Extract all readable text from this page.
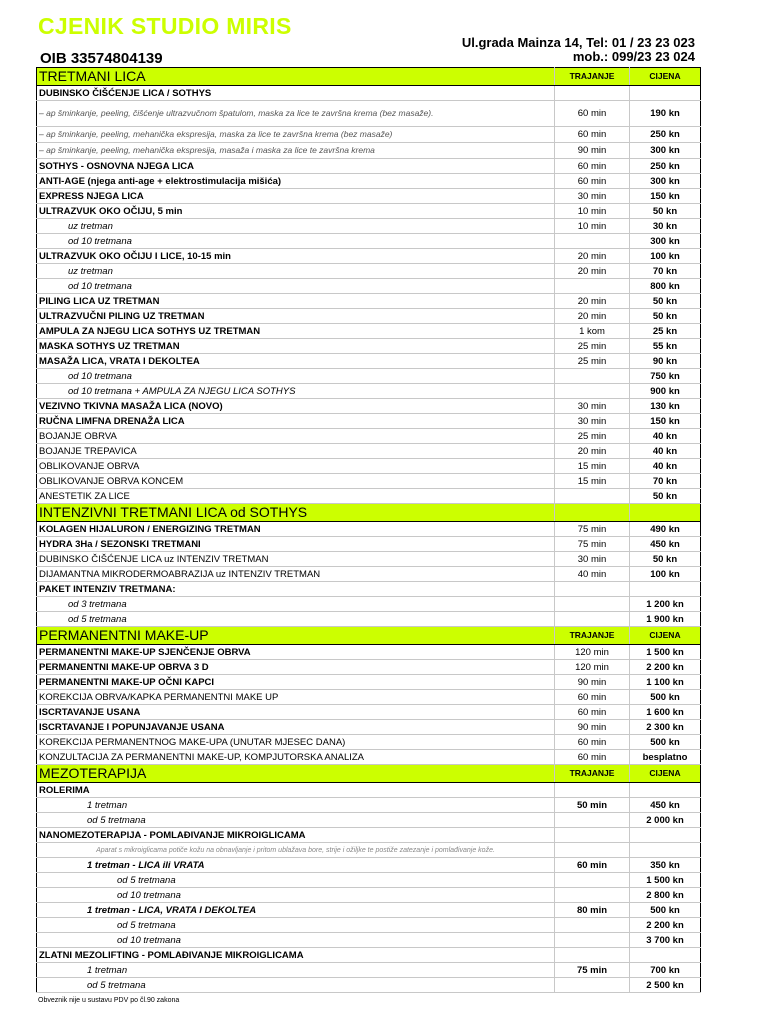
CJENIK STUDIO MIRIS
OIB 33574804139
Ul.grada Mainza 14, Tel: 01 / 23 23 023
mob.: 099/23 23 024
TRETMANI LICA	TRAJANJE	CIJENA
DUBINSKO ČIŠĆENJE LICA / SOTHYS		
– ap šminkanje, peeling, čišćenje ultrazvučnom špatulom, maska za lice te završna krema (bez masaže).	60 min	190 kn
– ap šminkanje, peeling, mehanička ekspresija, maska za lice te završna krema (bez masaže)	60 min	250 kn
– ap šminkanje, peeling, mehanička ekspresija, masaža i maska za lice te završna krema	90 min	300 kn
SOTHYS - OSNOVNA NJEGA LICA	60 min	250 kn
ANTI-AGE (njega anti-age + elektrostimulacija mišića)	60 min	300 kn
EXPRESS NJEGA LICA	30 min	150 kn
ULTRAZVUK OKO OČIJU, 5 min	10 min	50 kn
uz tretman	10 min	30 kn
od 10 tretmana		300 kn
ULTRAZVUK OKO OČIJU I LICE, 10-15 min	20 min	100 kn
uz tretman	20 min	70 kn
od 10 tretmana		800 kn
PILING LICA UZ TRETMAN	20 min	50 kn
ULTRAZVUČNI PILING UZ TRETMAN	20 min	50 kn
AMPULA ZA NJEGU LICA SOTHYS UZ TRETMAN	1 kom	25 kn
MASKA SOTHYS UZ TRETMAN	25 min	55 kn
MASAŽA LICA, VRATA I DEKOLTEA	25 min	90 kn
od 10 tretmana		750 kn
od 10 tretmana + AMPULA ZA NJEGU LICA SOTHYS		900 kn
VEZIVNO TKIVNA MASAŽA LICA (NOVO)	30 min	130 kn
RUČNA LIMFNA DRENAŽA LICA	30 min	150 kn
BOJANJE OBRVA	25 min	40 kn
BOJANJE TREPAVICA	20 min	40 kn
OBLIKOVANJE OBRVA	15 min	40 kn
OBLIKOVANJE OBRVA KONCEM	15 min	70 kn
ANESTETIK ZA LICE		50 kn
INTENZIVNI TRETMANI LICA od SOTHYS		
KOLAGEN HIJALURON / ENERGIZING TRETMAN	75 min	490 kn
HYDRA 3Ha / SEZONSKI TRETMANI	75 min	450 kn
DUBINSKO ČIŠĆENJE LICA uz INTENZIV TRETMAN	30 min	50 kn
DIJAMANTNA MIKRODERMOABRAZIJA uz INTENZIV TRETMAN	40 min	100 kn
PAKET INTENZIV TRETMANA:		
od 3 tretmana		1 200 kn
od 5 tretmana		1 900 kn
PERMANENTNI MAKE-UP	TRAJANJE	CIJENA
PERMANENTNI MAKE-UP SJENČENJE OBRVA	120 min	1 500 kn
PERMANENTNI MAKE-UP OBRVA 3 D	120 min	2 200 kn
PERMANENTNI MAKE-UP OČNI KAPCI	90 min	1 100 kn
KOREKCIJA OBRVA/KAPKA PERMANENTNI MAKE UP	60 min	500 kn
ISCRTAVANJE USANA	60 min	1 600 kn
ISCRTAVANJE I POPUNJAVANJE USANA	90 min	2 300 kn
KOREKCIJA PERMANENTNOG MAKE-UPA (UNUTAR MJESEC DANA)	60 min	500 kn
KONZULTACIJA ZA PERMANENTNI MAKE-UP, KOMPJUTORSKA ANALIZA	60 min	besplatno
MEZOTERAPIJA	TRAJANJE	CIJENA
ROLERIMA		
1 tretman	50 min	450 kn
od 5 tretmana		2 000 kn
NANOMEZOTERAPIJA - POMLAĐIVANJE MIKROIGLICAMA		
Aparat s mikroiglicama potiče kožu na obnavljanje i pritom ublažava bore, strije i ožiljke te postiže zatezanje i pomlađivanje kože.		
1 tretman - LICA ili VRATA	60 min	350 kn
od 5 tretmana		1 500 kn
od 10 tretmana		2 800 kn
1 tretman - LICA, VRATA I DEKOLTEA	80 min	500 kn
od 5 tretmana		2 200 kn
od 10 tretmana		3 700 kn
ZLATNI MEZOLIFTING - POMLAĐIVANJE MIKROIGLICAMA		
1 tretman	75 min	700 kn
od 5 tretmana		2 500 kn
Obveznik nije u sustavu PDV po čl.90 zakona
